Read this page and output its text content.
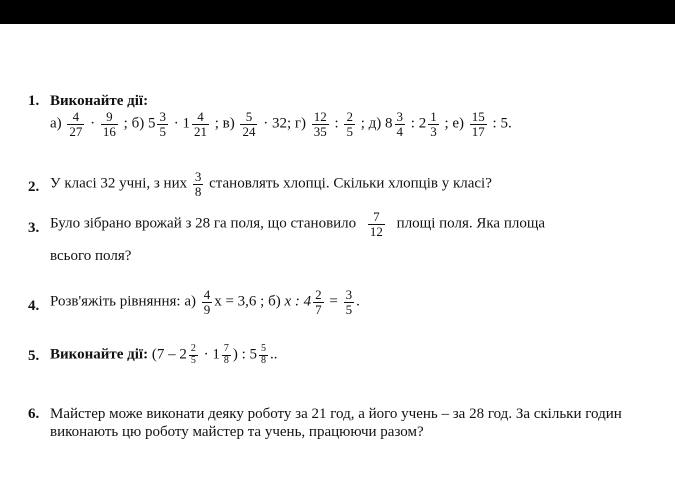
1. Виконайте дії:
$а) \frac{4}{27} \cdot \frac{9}{16}$ ; б) $5 \frac{3}{5} \cdot 1 \frac{4}{21}$ ; $в) \frac{5}{24} \cdot 32$; $г) \frac{12}{35}$ : $\frac{2}{5}$ ; д) $8 \frac{3}{4}$ : $2 \frac{1}{3}$ ; $е) \frac{15}{17}$ : 5.
2. У класі 32 учні, з них $\frac{3}{8}$ становлять хлопці. Скільки хлопців у класі?
3. Було зібрано врожай з 28 га поля, що становило $\frac{7}{12}$ площі поля. Яка площа
всього поля?
4. Розв'яжіть рівняння: $а) \frac{4}{9}$ x = 3,6 ; б) x : $4 \frac{2}{7} = \frac{3}{5}$ .
5. Виконайте дії: ($7 - 2 \frac{2}{5} \cdot 1 \frac{7}{8}$ ) : $5 \frac{5}{8}$ ..
6. Майстер може виконати деяку роботу за 21 год, а його учень – за 28 год. За скільки годин виконають цю роботу майстер та учень, працюючи разом?
